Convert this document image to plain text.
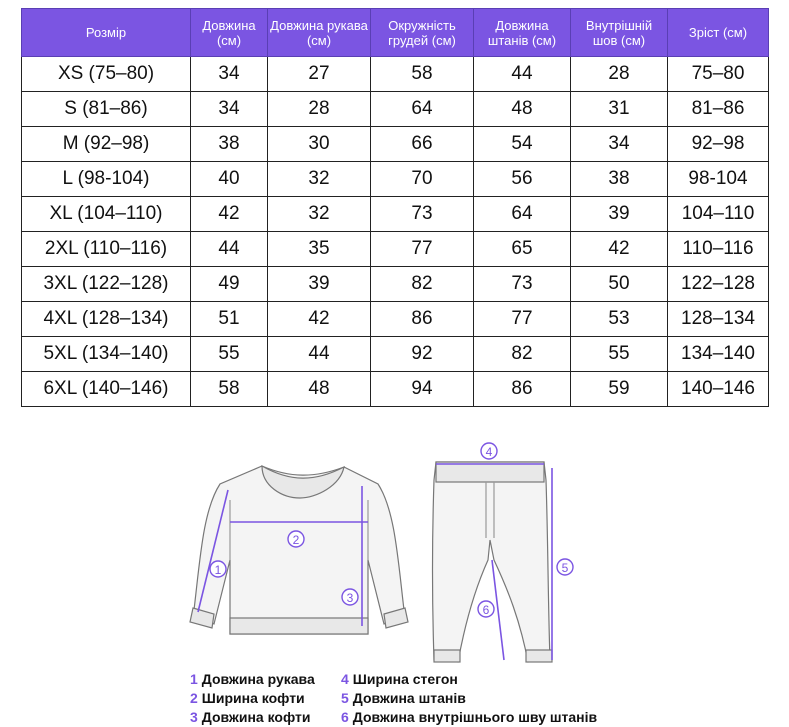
Розмір	Довжина (см)	Довжина рукава (см)	Окружність грудей (см)	Довжина штанів (см)	Внутрішній шов (см)	Зріст (см)
XS (75–80)	34	27	58	44	28	75–80
S (81–86)	34	28	64	48	31	81–86
M (92–98)	38	30	66	54	34	92–98
L (98-104)	40	32	70	56	38	98-104
XL (104–110)	42	32	73	64	39	104–110
2XL (110–116)	44	35	77	65	42	110–116
3XL (122–128)	49	39	82	73	50	122–128
4XL (128–134)	51	42	86	77	53	128–134
5XL (134–140)	55	44	92	82	55	134–140
6XL (140–146)	58	48	94	86	59	140–146
1
2
3
4
5
6
1 Довжина рукава
2 Ширина кофти
3 Довжина кофти
4 Ширина стегон
5 Довжина штанів
6 Довжина внутрішнього шву штанів
